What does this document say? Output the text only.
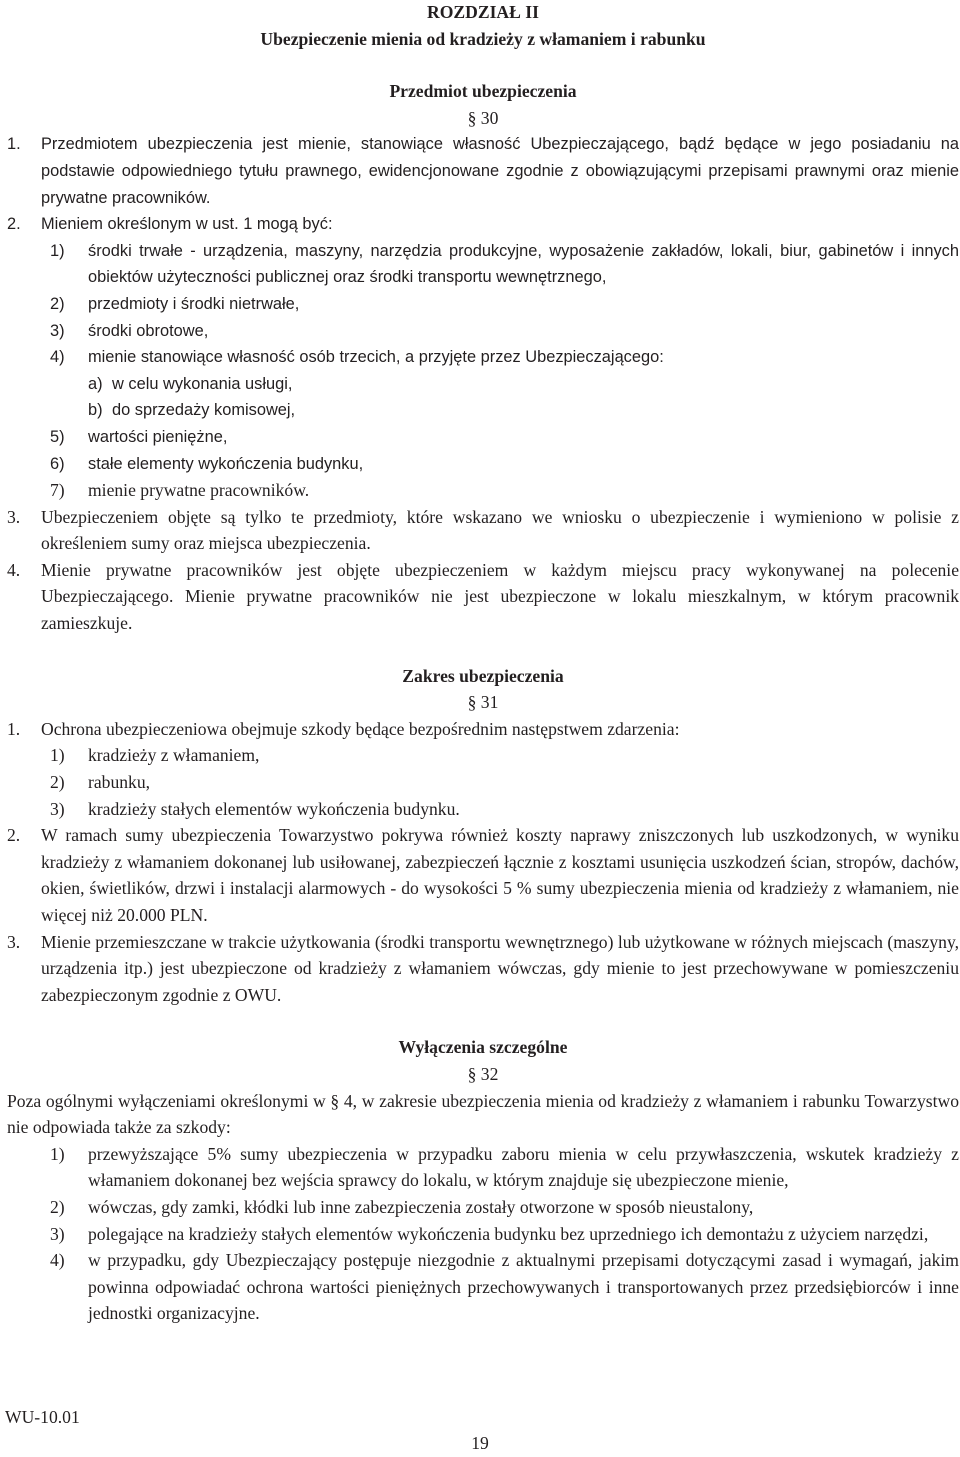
ROZDZIAŁ II
Ubezpieczenie mienia od kradzieży z włamaniem i rabunku
Przedmiot ubezpieczenia
§ 30
1.	Przedmiotem ubezpieczenia jest mienie, stanowiące własność Ubezpieczającego, bądź będące w jego posiadaniu na podstawie odpowiedniego tytułu prawnego, ewidencjonowane zgodnie z obowiązującymi przepisami prawnymi oraz mienie prywatne pracowników.
2.	Mieniem określonym w ust. 1 mogą być:
1)	środki trwałe - urządzenia, maszyny, narzędzia produkcyjne, wyposażenie zakładów, lokali, biur, gabinetów i innych obiektów użyteczności publicznej oraz środki transportu wewnętrznego,
2)	przedmioty i środki nietrwałe,
3)	środki obrotowe,
4)	mienie stanowiące własność osób trzecich, a przyjęte przez Ubezpieczającego:
a) w celu wykonania usługi,
b) do sprzedaży komisowej,
5)	wartości pieniężne,
6)	stałe elementy wykończenia budynku,
7)	mienie prywatne pracowników.
3.	Ubezpieczeniem objęte są tylko te przedmioty, które wskazano we wniosku o ubezpieczenie i wymieniono w polisie z określeniem sumy oraz miejsca ubezpieczenia.
4.	Mienie prywatne pracowników jest objęte ubezpieczeniem w każdym miejscu pracy wykonywanej na polecenie Ubezpieczającego. Mienie prywatne pracowników nie jest ubezpieczone w lokalu mieszkalnym, w którym pracownik zamieszkuje.
Zakres ubezpieczenia
§ 31
1.	Ochrona ubezpieczeniowa obejmuje szkody będące bezpośrednim następstwem zdarzenia:
1)	kradzieży z włamaniem,
2)	rabunku,
3)	kradzieży stałych elementów wykończenia budynku.
2.	W ramach sumy ubezpieczenia Towarzystwo pokrywa również koszty naprawy zniszczonych lub uszkodzonych, w wyniku kradzieży z włamaniem dokonanej lub usiłowanej, zabezpieczeń łącznie z kosztami usunięcia uszkodzeń ścian, stropów, dachów, okien, świetlików, drzwi i instalacji alarmowych - do wysokości 5 % sumy ubezpieczenia mienia od kradzieży z włamaniem, nie więcej niż 20.000 PLN.
3.	Mienie przemieszczane w trakcie użytkowania (środki transportu wewnętrznego) lub użytkowane w różnych miejscach (maszyny, urządzenia itp.) jest ubezpieczone od kradzieży z włamaniem wówczas, gdy mienie to jest przechowywane w pomieszczeniu zabezpieczonym zgodnie z OWU.
Wyłączenia szczególne
§ 32
Poza ogólnymi wyłączeniami określonymi w § 4, w zakresie ubezpieczenia mienia od kradzieży z włamaniem i rabunku Towarzystwo nie odpowiada także za szkody:
1)	przewyższające 5% sumy ubezpieczenia w przypadku zaboru mienia w celu przywłaszczenia, wskutek kradzieży z włamaniem dokonanej bez wejścia sprawcy do lokalu, w którym znajduje się ubezpieczone mienie,
2)	wówczas, gdy zamki, kłódki lub inne zabezpieczenia zostały otworzone w sposób nieustalony,
3)	polegające na kradzieży stałych elementów wykończenia budynku bez uprzedniego ich demontażu z użyciem narzędzi,
4)	w przypadku, gdy Ubezpieczający postępuje niezgodnie z aktualnymi przepisami dotyczącymi zasad i wymagań, jakim powinna odpowiadać ochrona wartości pieniężnych przechowywanych i transportowanych przez przedsiębiorców i inne jednostki organizacyjne.
WU-10.01
19
